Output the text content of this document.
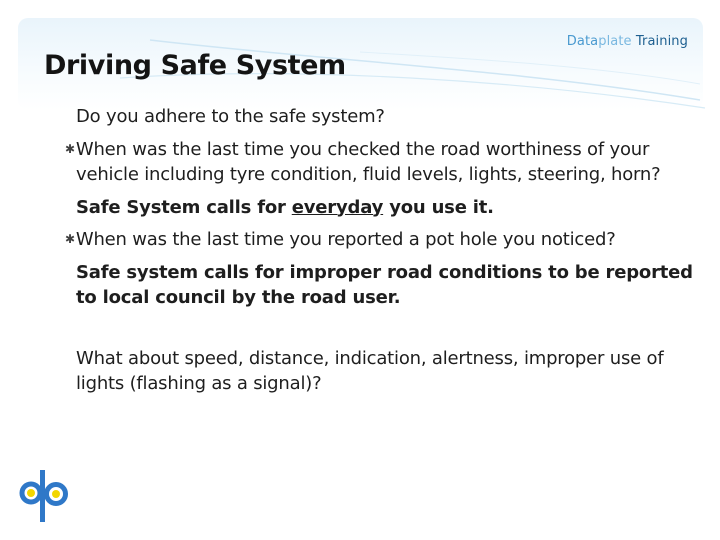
Dataplate Training
Driving Safe System

Do you adhere to the safe system?

✱When was the last time you checked the road worthiness of your vehicle including tyre condition, fluid levels, lights, steering, horn?

Safe System calls for everyday you use it.

✱When was the last time you reported a pot hole you noticed?

Safe system calls for improper road conditions to be reported to local council by the road user.

What about speed, distance, indication, alertness, improper use of lights (flashing as a signal)?
